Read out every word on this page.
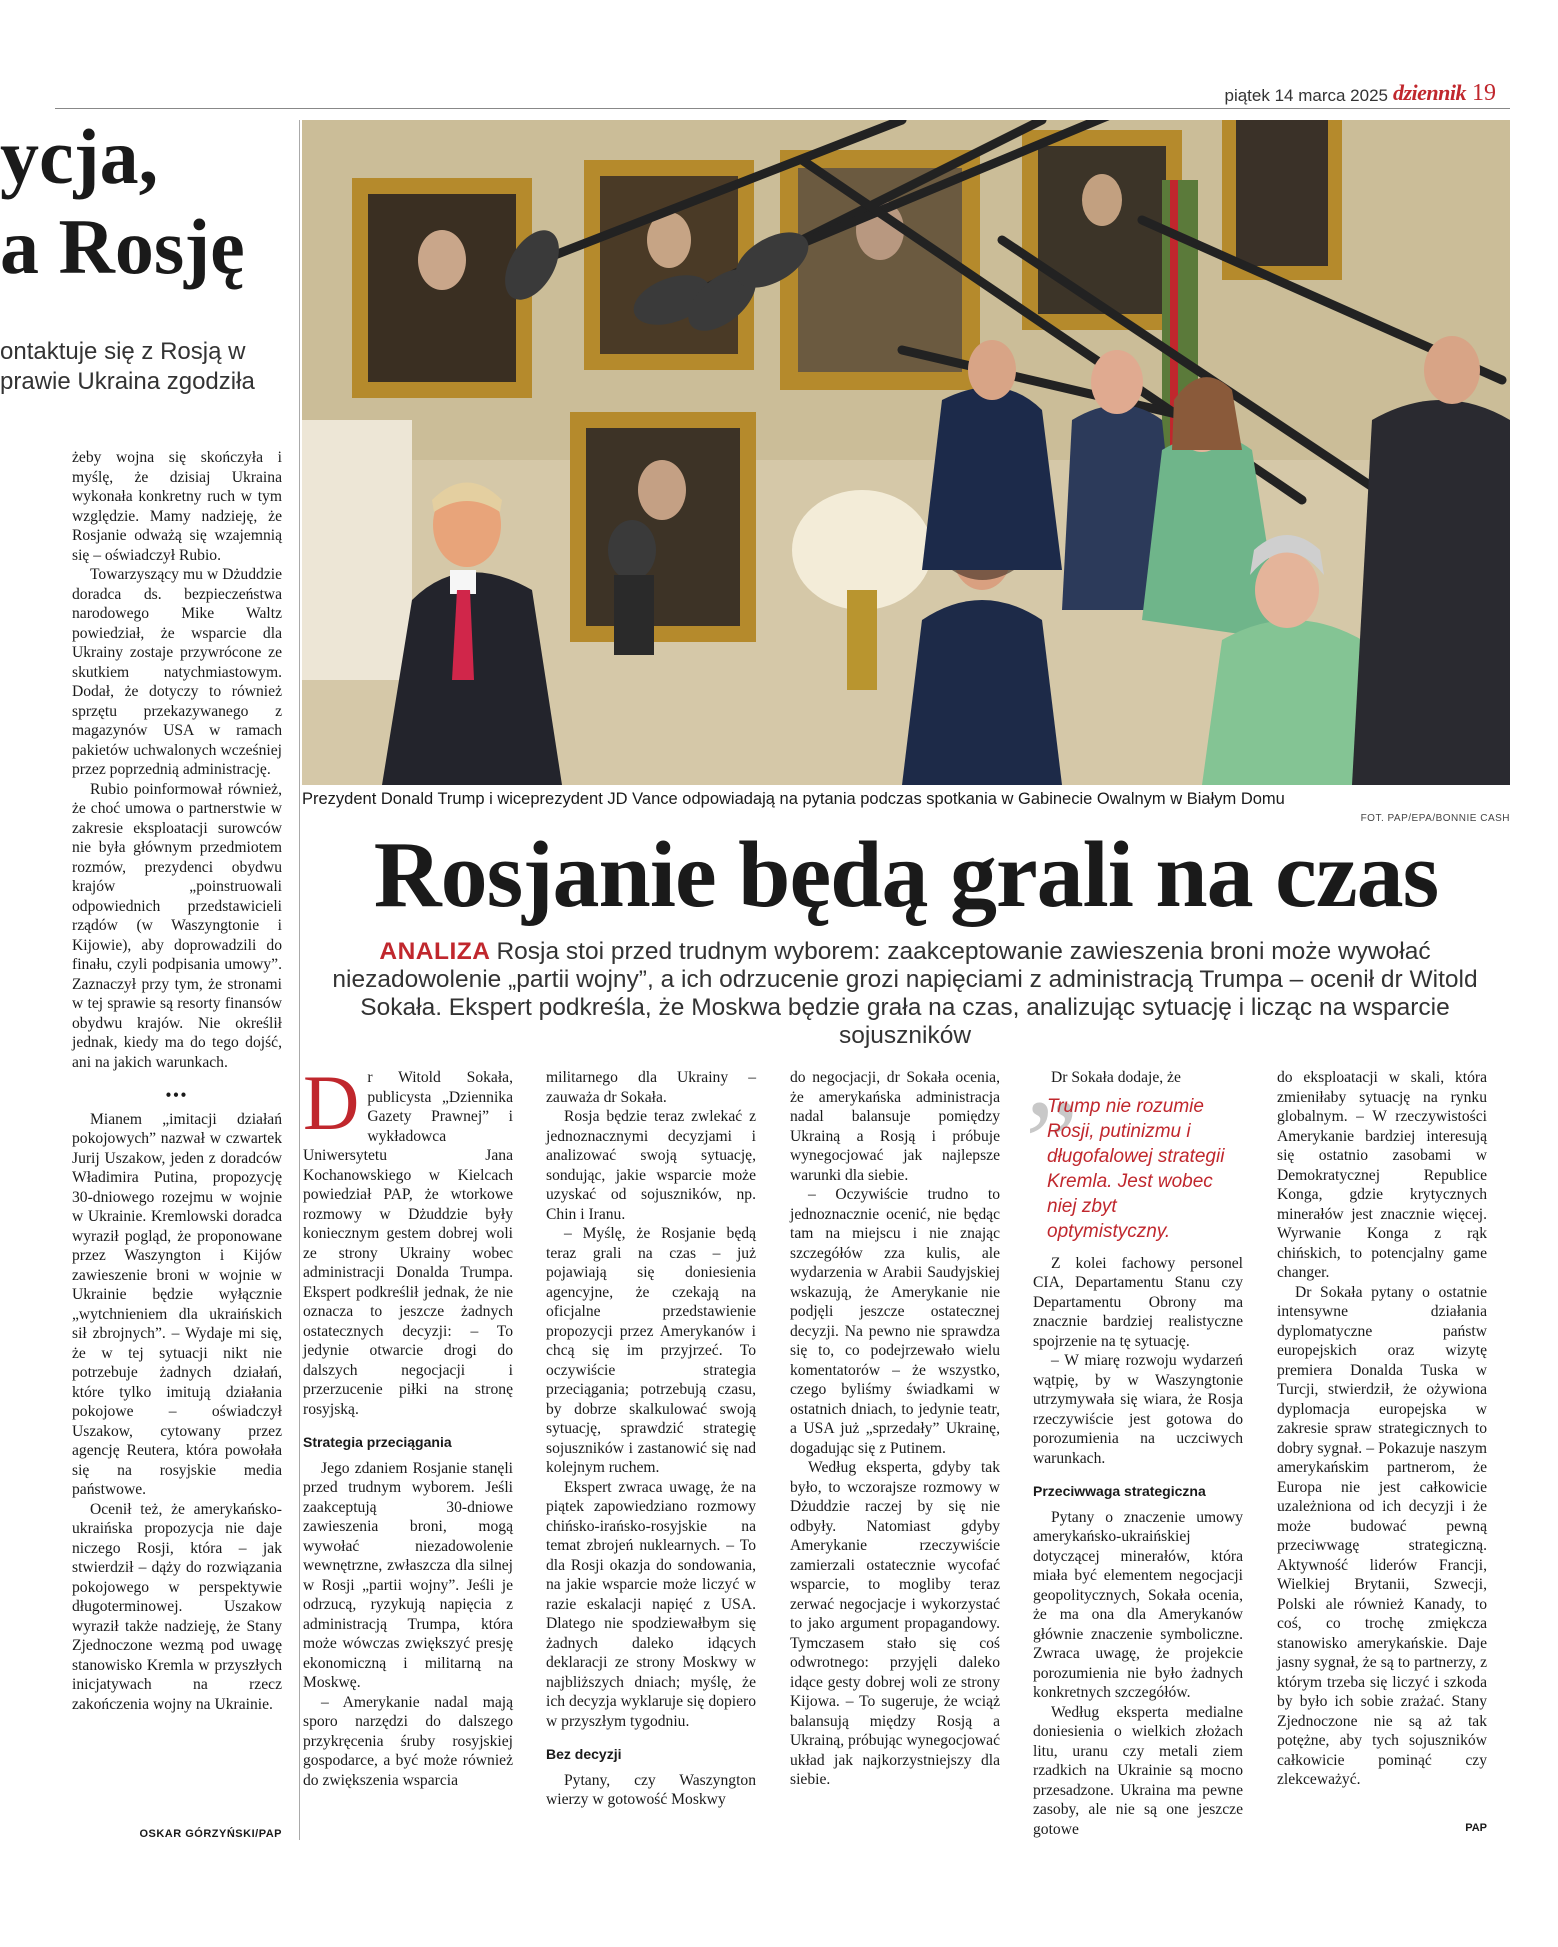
piątek 14 marca 2025 dziennik 19
ycja,
a Rosję
ontaktuje się z Rosją w
prawie Ukraina zgodziła

żeby wojna się skończyła i myślę, że dzisiaj Ukraina wykonała konkretny ruch w tym względzie. Mamy nadzieję, że Rosjanie odważą się wzajemnią się – oświadczył Rubio.

Towarzyszący mu w Dżuddzie doradca ds. bezpieczeństwa narodowego Mike Waltz powiedział, że wsparcie dla Ukrainy zostaje przywrócone ze skutkiem natychmiastowym. Dodał, że dotyczy to również sprzętu przekazywanego z magazynów USA w ramach pakietów uchwalonych wcześniej przez poprzednią administrację.

Rubio poinformował również, że choć umowa o partnerstwie w zakresie eksploatacji surowców nie była głównym przedmiotem rozmów, prezydenci obydwu krajów „poinstruowali odpowiednich przedstawicieli rządów (w Waszyngtonie i Kijowie), aby doprowadzili do finału, czyli podpisania umowy”. Zaznaczył przy tym, że stronami w tej sprawie są resorty finansów obydwu krajów. Nie określił jednak, kiedy ma do tego dojść, ani na jakich warunkach.

•••

Mianem „imitacji działań pokojowych” nazwał w czwartek Jurij Uszakow, jeden z doradców Władimira Putina, propozycję 30-dniowego rozejmu w wojnie w Ukrainie. Kremlowski doradca wyraził pogląd, że proponowane przez Waszyngton i Kijów zawieszenie broni w wojnie w Ukrainie będzie wyłącznie „wytchnieniem dla ukraińskich sił zbrojnych”. – Wydaje mi się, że w tej sytuacji nikt nie potrzebuje żadnych działań, które tylko imitują działania pokojowe – oświadczył Uszakow, cytowany przez agencję Reutera, która powołała się na rosyjskie media państwowe.

Ocenił też, że amerykańsko-ukraińska propozycja nie daje niczego Rosji, która – jak stwierdził – dąży do rozwiązania pokojowego w perspektywie długoterminowej. Uszakow wyraził także nadzieję, że Stany Zjednoczone wezmą pod uwagę stanowisko Kremla w przyszłych inicjatywach na rzecz zakończenia wojny na Ukrainie.

OSKAR GÓRZYŃSKI/PAP
Prezydent Donald Trump i wiceprezydent JD Vance odpowiadają na pytania podczas spotkania w Gabinecie Owalnym w Białym Domu
FOT. PAP/EPA/BONNIE CASH
Rosjanie będą grali na czas
ANALIZA Rosja stoi przed trudnym wyborem: zaakceptowanie zawieszenia broni może wywołać niezadowolenie „partii wojny”, a ich odrzucenie grozi napięciami z administracją Trumpa – ocenił dr Witold Sokała. Ekspert podkreśla, że Moskwa będzie grała na czas, analizując sytuację i licząc na wsparcie sojuszników

Dr Witold Sokała, publicysta „Dziennika Gazety Prawnej” i wykładowca Uniwersytetu Jana Kochanowskiego w Kielcach powiedział PAP, że wtorkowe rozmowy w Dżuddzie były koniecznym gestem dobrej woli ze strony Ukrainy wobec administracji Donalda Trumpa. Ekspert podkreślił jednak, że nie oznacza to jeszcze żadnych ostatecznych decyzji: – To jedynie otwarcie drogi do dalszych negocjacji i przerzucenie piłki na stronę rosyjską.

Strategia przeciągania

Jego zdaniem Rosjanie stanęli przed trudnym wyborem. Jeśli zaakceptują 30-dniowe zawieszenia broni, mogą wywołać niezadowolenie wewnętrzne, zwłaszcza dla silnej w Rosji „partii wojny”. Jeśli je odrzucą, ryzykują napięcia z administracją Trumpa, która może wówczas zwiększyć presję ekonomiczną i militarną na Moskwę.

– Amerykanie nadal mają sporo narzędzi do dalszego przykręcenia śruby rosyjskiej gospodarce, a być może również do zwiększenia wsparcia

militarnego dla Ukrainy – zauważa dr Sokała.

Rosja będzie teraz zwlekać z jednoznacznymi decyzjami i analizować swoją sytuację, sondując, jakie wsparcie może uzyskać od sojuszników, np. Chin i Iranu.

– Myślę, że Rosjanie będą teraz grali na czas – już pojawiają się doniesienia agencyjne, że czekają na oficjalne przedstawienie propozycji przez Amerykanów i chcą się im przyjrzeć. To oczywiście strategia przeciągania; potrzebują czasu, by dobrze skalkulować swoją sytuację, sprawdzić strategię sojuszników i zastanowić się nad kolejnym ruchem.

Ekspert zwraca uwagę, że na piątek zapowiedziano rozmowy chińsko-irańsko-rosyjskie na temat zbrojeń nuklearnych. – To dla Rosji okazja do sondowania, na jakie wsparcie może liczyć w razie eskalacji napięć z USA. Dlatego nie spodziewałbym się żadnych daleko idących deklaracji ze strony Moskwy w najbliższych dniach; myślę, że ich decyzja wyklaruje się dopiero w przyszłym tygodniu.

Bez decyzji

Pytany, czy Waszyngton wierzy w gotowość Moskwy

do negocjacji, dr Sokała ocenia, że amerykańska administracja nadal balansuje pomiędzy Ukrainą a Rosją i próbuje wynegocjować jak najlepsze warunki dla siebie.

– Oczywiście trudno to jednoznacznie ocenić, nie będąc tam na miejscu i nie znając szczegółów zza kulis, ale wydarzenia w Arabii Saudyjskiej wskazują, że Amerykanie nie podjęli jeszcze ostatecznej decyzji. Na pewno nie sprawdza się to, co podejrzewało wielu komentatorów – że wszystko, czego byliśmy świadkami w ostatnich dniach, to jedynie teatr, a USA już „sprzedały” Ukrainę, dogadując się z Putinem.

Według eksperta, gdyby tak było, to wczorajsze rozmowy w Dżuddzie raczej by się nie odbyły. Natomiast gdyby Amerykanie rzeczywiście zamierzali ostatecznie wycofać wsparcie, to mogliby teraz zerwać negocjacje i wykorzystać to jako argument propagandowy. Tymczasem stało się coś odwrotnego: przyjęli daleko idące gesty dobrej woli ze strony Kijowa. – To sugeruje, że wciąż balansują między Rosją a Ukrainą, próbując wynegocjować układ jak najkorzystniejszy dla siebie.

Dr Sokała dodaje, że

”
Trump nie rozumie Rosji, putinizmu i długofalowej strategii Kremla. Jest wobec niej zbyt optymistyczny.

Z kolei fachowy personel CIA, Departamentu Stanu czy Departamentu Obrony ma znacznie bardziej realistyczne spojrzenie na tę sytuację.

– W miarę rozwoju wydarzeń wątpię, by w Waszyngtonie utrzymywała się wiara, że Rosja rzeczywiście jest gotowa do porozumienia na uczciwych warunkach.

Przeciwwaga strategiczna

Pytany o znaczenie umowy amerykańsko-ukraińskiej dotyczącej minerałów, która miała być elementem negocjacji geopolitycznych, Sokała ocenia, że ma ona dla Amerykanów głównie znaczenie symboliczne. Zwraca uwagę, że projekcie porozumienia nie było żadnych konkretnych szczegółów.

Według eksperta medialne doniesienia o wielkich złożach litu, uranu czy metali ziem rzadkich na Ukrainie są mocno przesadzone. Ukraina ma pewne zasoby, ale nie są one jeszcze gotowe

do eksploatacji w skali, która zmieniłaby sytuację na rynku globalnym. – W rzeczywistości Amerykanie bardziej interesują się ostatnio zasobami w Demokratycznej Republice Konga, gdzie krytycznych minerałów jest znacznie więcej. Wyrwanie Konga z rąk chińskich, to potencjalny game changer.

Dr Sokała pytany o ostatnie intensywne działania dyplomatyczne państw europejskich oraz wizytę premiera Donalda Tuska w Turcji, stwierdził, że ożywiona dyplomacja europejska w zakresie spraw strategicznych to dobry sygnał. – Pokazuje naszym amerykańskim partnerom, że Europa nie jest całkowicie uzależniona od ich decyzji i że może budować pewną przeciwwagę strategiczną. Aktywność liderów Francji, Wielkiej Brytanii, Szwecji, Polski ale również Kanady, to coś, co trochę zmiękcza stanowisko amerykańskie. Daje jasny sygnał, że są to partnerzy, z którym trzeba się liczyć i szkoda by było ich sobie zrażać. Stany Zjednoczone nie są aż tak potężne, aby tych sojuszników całkowicie pominąć czy zlekceważyć.

PAP
